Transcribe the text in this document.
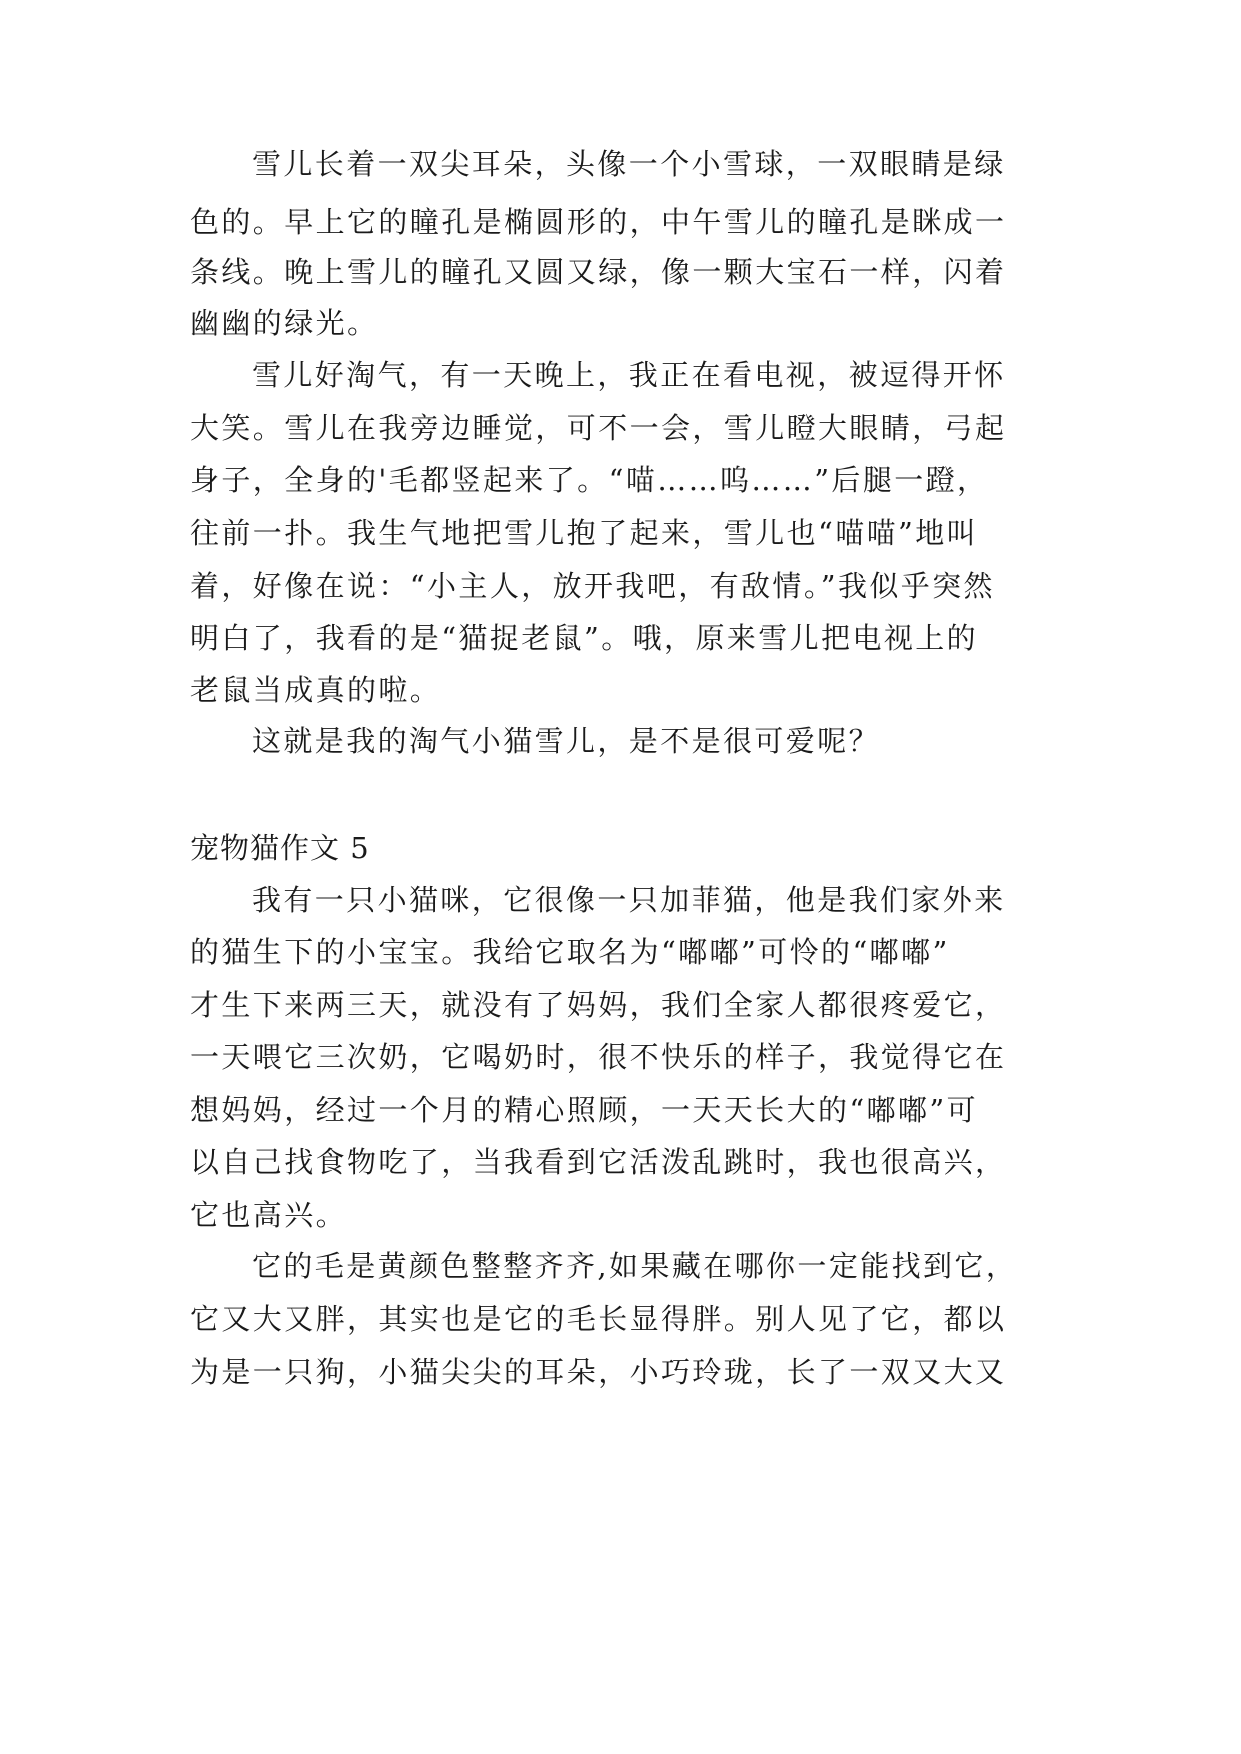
雪儿长着一双尖耳朵，头像一个小雪球，一双眼睛是绿
色的。早上它的瞳孔是椭圆形的，中午雪儿的瞳孔是眯成一
条线。晚上雪儿的瞳孔又圆又绿，像一颗大宝石一样，闪着
幽幽的绿光。
雪儿好淘气，有一天晚上，我正在看电视，被逗得开怀
大笑。雪儿在我旁边睡觉，可不一会，雪儿瞪大眼睛，弓起
身子，全身的'毛都竖起来了。“喵……呜……”后腿一蹬，
往前一扑。我生气地把雪儿抱了起来，雪儿也“喵喵”地叫
着，好像在说：“小主人，放开我吧，有敌情。”我似乎突然
明白了，我看的是“猫捉老鼠”。哦，原来雪儿把电视上的
老鼠当成真的啦。
这就是我的淘气小猫雪儿，是不是很可爱呢？
宠物猫作文 5
我有一只小猫咪，它很像一只加菲猫，他是我们家外来
的猫生下的小宝宝。我给它取名为“嘟嘟”可怜的“嘟嘟”
才生下来两三天，就没有了妈妈，我们全家人都很疼爱它，
一天喂它三次奶，它喝奶时，很不快乐的样子，我觉得它在
想妈妈，经过一个月的精心照顾，一天天长大的“嘟嘟”可
以自己找食物吃了，当我看到它活泼乱跳时，我也很高兴，
它也高兴。
它的毛是黄颜色整整齐齐,如果藏在哪你一定能找到它，
它又大又胖，其实也是它的毛长显得胖。别人见了它，都以
为是一只狗，小猫尖尖的耳朵，小巧玲珑，长了一双又大又
